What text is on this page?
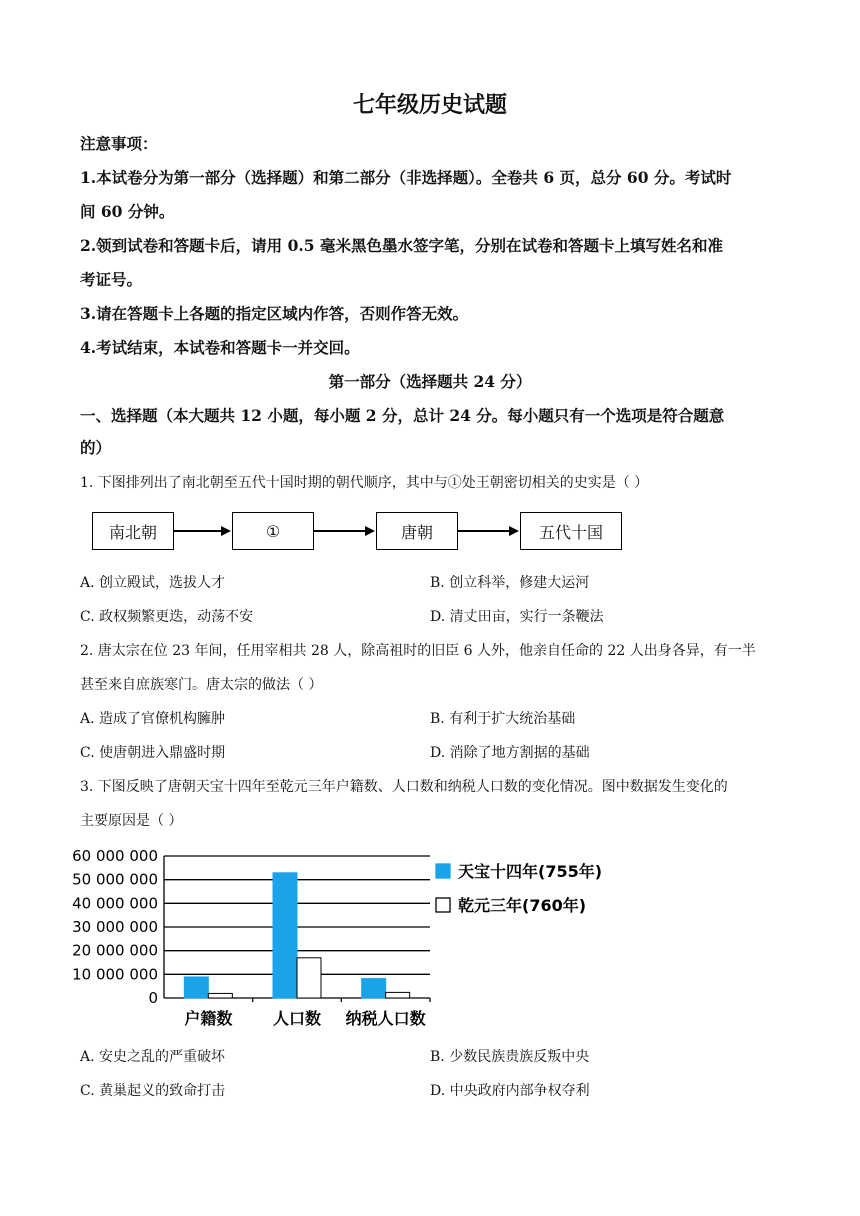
七年级历史试题
注意事项：
1.本试卷分为第一部分（选择题）和第二部分（非选择题）。全卷共 6 页，总分 60 分。考试时
间 60 分钟。
2.领到试卷和答题卡后，请用 0.5 毫米黑色墨水签字笔，分别在试卷和答题卡上填写姓名和准
考证号。
3.请在答题卡上各题的指定区域内作答，否则作答无效。
4.考试结束，本试卷和答题卡一并交回。
第一部分（选择题共 24 分）
一、选择题（本大题共 12 小题，每小题 2 分，总计 24 分。每小题只有一个选项是符合题意
的）
1. 下图排列出了南北朝至五代十国时期的朝代顺序，其中与①处王朝密切相关的史实是（ ）
南北朝	①	唐朝	五代十国
A. 创立殿试，选拔人才	B. 创立科举，修建大运河
C. 政权频繁更迭，动荡不安	D. 清丈田亩，实行一条鞭法
2. 唐太宗在位 23 年间，任用宰相共 28 人，除高祖时的旧臣 6 人外，他亲自任命的 22 人出身各异，有一半
甚至来自庶族寒门。唐太宗的做法（ ）
A. 造成了官僚机构臃肿	B. 有利于扩大统治基础
C. 使唐朝进入鼎盛时期	D. 消除了地方割据的基础
3. 下图反映了唐朝天宝十四年至乾元三年户籍数、人口数和纳税人口数的变化情况。图中数据发生变化的
主要原因是（ ）
60 000 000
50 000 000
40 000 000
30 000 000
20 000 000
10 000 000
0
户籍数	人口数 纳税人口数
天宝十四年(755年)
乾元三年(760年)
A. 安史之乱的严重破坏	B. 少数民族贵族反叛中央
C. 黄巢起义的致命打击	D. 中央政府内部争权夺利
